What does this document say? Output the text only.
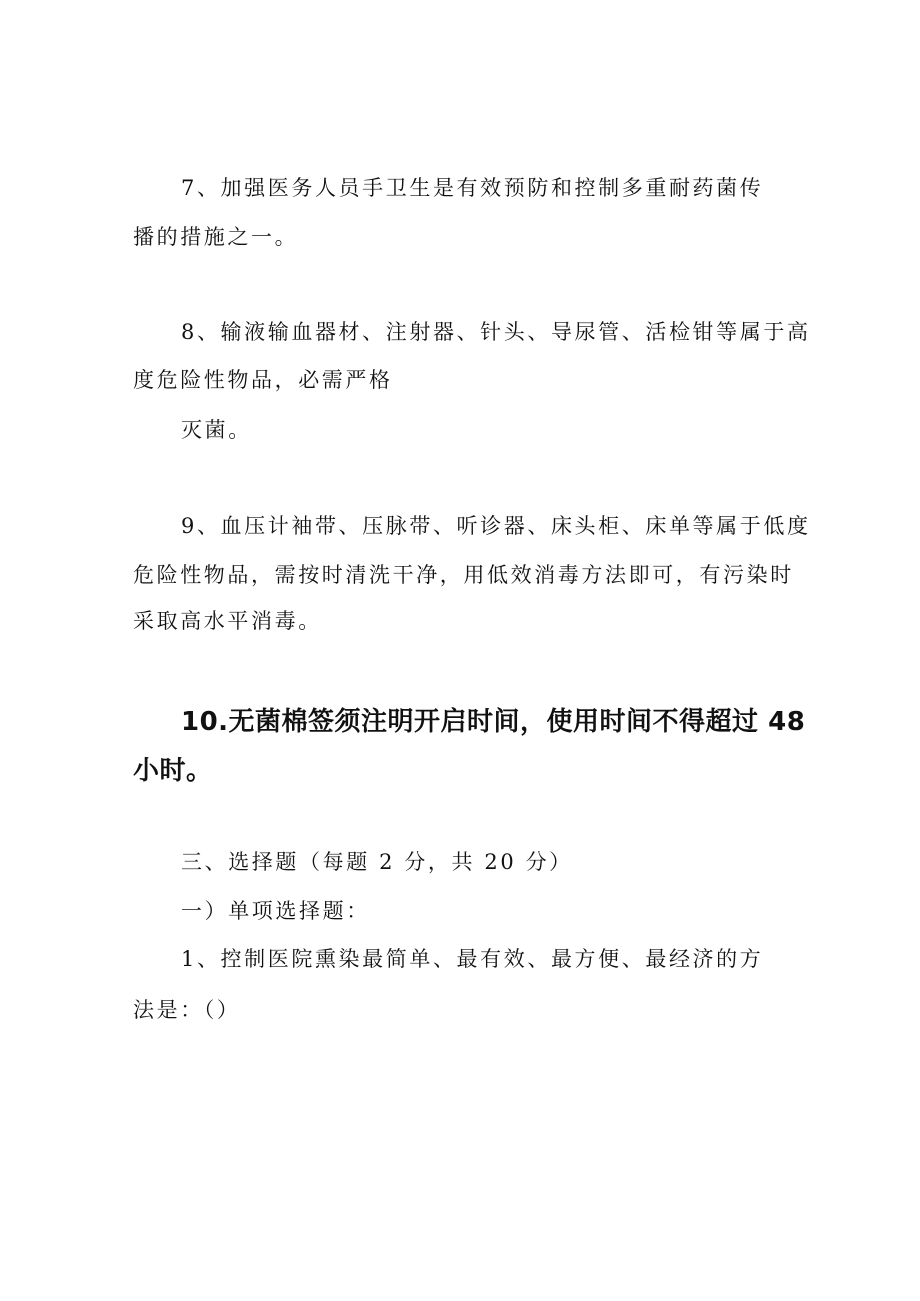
7、加强医务人员手卫生是有效预防和控制多重耐药菌传
播的措施之一。
8、输液输血器材、注射器、针头、导尿管、活检钳等属于高
度危险性物品，必需严格
灭菌。
9、血压计袖带、压脉带、听诊器、床头柜、床单等属于低度
危险性物品，需按时清洗干净，用低效消毒方法即可，有污染时
采取高水平消毒。
10.无菌棉签须注明开启时间，使用时间不得超过 48
小时。
三、选择题（每题 2 分，共 20 分）
一）单项选择题：
1、控制医院熏染最简单、最有效、最方便、最经济的方
法是：（）
